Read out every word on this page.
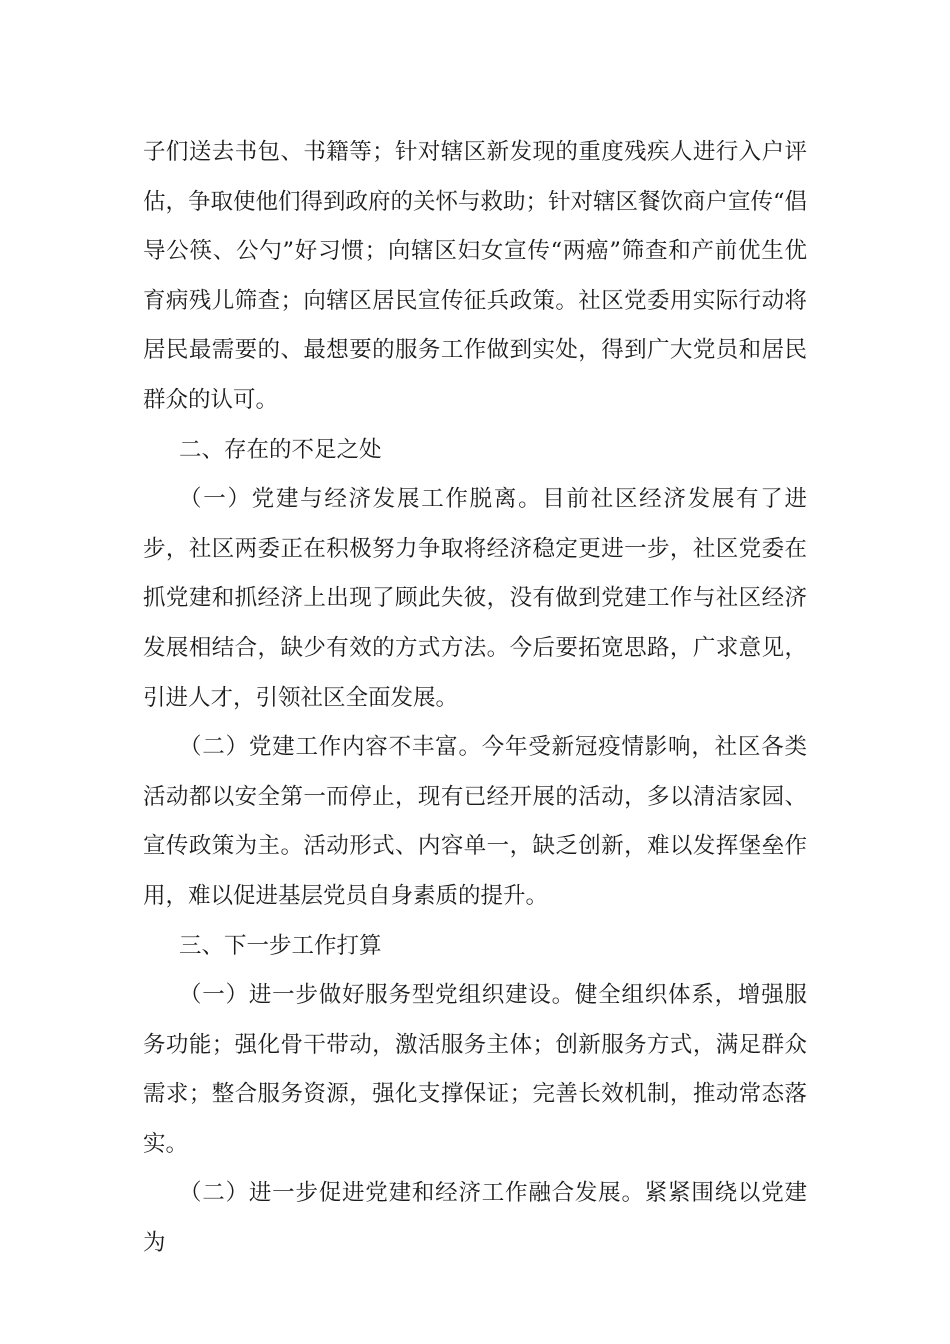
子们送去书包、书籍等；针对辖区新发现的重度残疾人进行入户评估，争取使他们得到政府的关怀与救助；针对辖区餐饮商户宣传“倡导公筷、公勺”好习惯；向辖区妇女宣传“两癌”筛查和产前优生优育病残儿筛查；向辖区居民宣传征兵政策。社区党委用实际行动将居民最需要的、最想要的服务工作做到实处，得到广大党员和居民群众的认可。

二、存在的不足之处

（一）党建与经济发展工作脱离。目前社区经济发展有了进步，社区两委正在积极努力争取将经济稳定更进一步，社区党委在抓党建和抓经济上出现了顾此失彼，没有做到党建工作与社区经济发展相结合，缺少有效的方式方法。今后要拓宽思路，广求意见，引进人才，引领社区全面发展。

（二）党建工作内容不丰富。今年受新冠疫情影响，社区各类活动都以安全第一而停止，现有已经开展的活动，多以清洁家园、宣传政策为主。活动形式、内容单一，缺乏创新，难以发挥堡垒作用，难以促进基层党员自身素质的提升。

三、下一步工作打算

（一）进一步做好服务型党组织建设。健全组织体系，增强服务功能；强化骨干带动，激活服务主体；创新服务方式，满足群众需求；整合服务资源，强化支撑保证；完善长效机制，推动常态落实。

（二）进一步促进党建和经济工作融合发展。紧紧围绕以党建为
